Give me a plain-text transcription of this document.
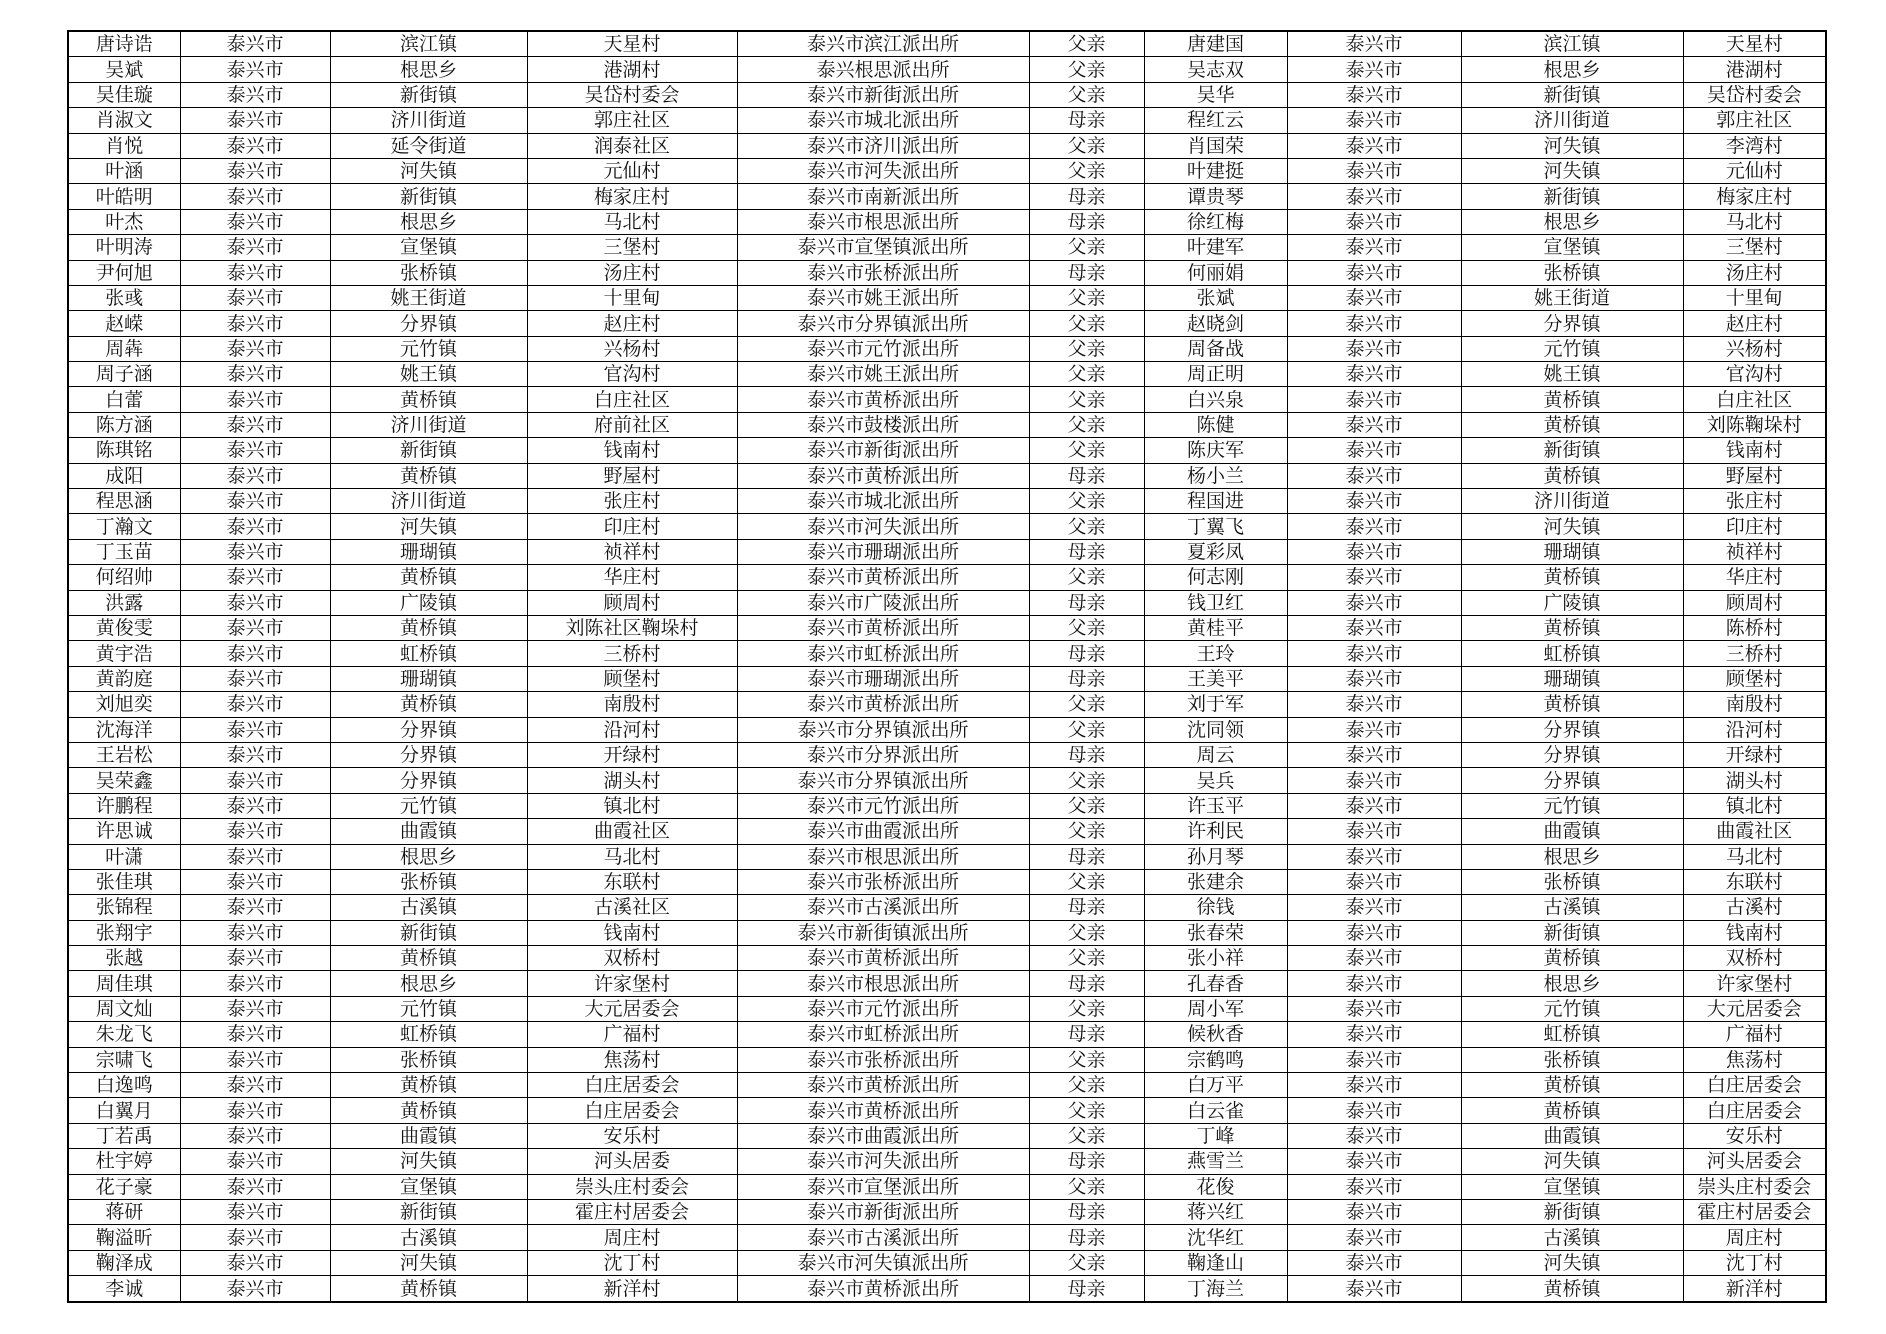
唐诗诰	泰兴市	滨江镇	天星村	泰兴市滨江派出所	父亲	唐建国	泰兴市	滨江镇	天星村
吴斌	泰兴市	根思乡	港湖村	泰兴根思派出所	父亲	吴志双	泰兴市	根思乡	港湖村
吴佳璇	泰兴市	新街镇	吴岱村委会	泰兴市新街派出所	父亲	吴华	泰兴市	新街镇	吴岱村委会
肖淑文	泰兴市	济川街道	郭庄社区	泰兴市城北派出所	母亲	程红云	泰兴市	济川街道	郭庄社区
肖悦	泰兴市	延令街道	润泰社区	泰兴市济川派出所	父亲	肖国荣	泰兴市	河失镇	李湾村
叶涵	泰兴市	河失镇	元仙村	泰兴市河失派出所	父亲	叶建挺	泰兴市	河失镇	元仙村
叶皓明	泰兴市	新街镇	梅家庄村	泰兴市南新派出所	母亲	谭贵琴	泰兴市	新街镇	梅家庄村
叶杰	泰兴市	根思乡	马北村	泰兴市根思派出所	母亲	徐红梅	泰兴市	根思乡	马北村
叶明涛	泰兴市	宣堡镇	三堡村	泰兴市宣堡镇派出所	父亲	叶建军	泰兴市	宣堡镇	三堡村
尹何旭	泰兴市	张桥镇	汤庄村	泰兴市张桥派出所	母亲	何丽娟	泰兴市	张桥镇	汤庄村
张彧	泰兴市	姚王街道	十里甸	泰兴市姚王派出所	父亲	张斌	泰兴市	姚王街道	十里甸
赵嵘	泰兴市	分界镇	赵庄村	泰兴市分界镇派出所	父亲	赵晓剑	泰兴市	分界镇	赵庄村
周犇	泰兴市	元竹镇	兴杨村	泰兴市元竹派出所	父亲	周备战	泰兴市	元竹镇	兴杨村
周子涵	泰兴市	姚王镇	官沟村	泰兴市姚王派出所	父亲	周正明	泰兴市	姚王镇	官沟村
白蕾	泰兴市	黄桥镇	白庄社区	泰兴市黄桥派出所	父亲	白兴泉	泰兴市	黄桥镇	白庄社区
陈方涵	泰兴市	济川街道	府前社区	泰兴市鼓楼派出所	父亲	陈健	泰兴市	黄桥镇	刘陈鞠垛村
陈琪铭	泰兴市	新街镇	钱南村	泰兴市新街派出所	父亲	陈庆军	泰兴市	新街镇	钱南村
成阳	泰兴市	黄桥镇	野屋村	泰兴市黄桥派出所	母亲	杨小兰	泰兴市	黄桥镇	野屋村
程思涵	泰兴市	济川街道	张庄村	泰兴市城北派出所	父亲	程国进	泰兴市	济川街道	张庄村
丁瀚文	泰兴市	河失镇	印庄村	泰兴市河失派出所	父亲	丁翼飞	泰兴市	河失镇	印庄村
丁玉苗	泰兴市	珊瑚镇	祯祥村	泰兴市珊瑚派出所	母亲	夏彩凤	泰兴市	珊瑚镇	祯祥村
何绍帅	泰兴市	黄桥镇	华庄村	泰兴市黄桥派出所	父亲	何志刚	泰兴市	黄桥镇	华庄村
洪露	泰兴市	广陵镇	顾周村	泰兴市广陵派出所	母亲	钱卫红	泰兴市	广陵镇	顾周村
黄俊雯	泰兴市	黄桥镇	刘陈社区鞠垛村	泰兴市黄桥派出所	父亲	黄桂平	泰兴市	黄桥镇	陈桥村
黄宇浩	泰兴市	虹桥镇	三桥村	泰兴市虹桥派出所	母亲	王玲	泰兴市	虹桥镇	三桥村
黄韵庭	泰兴市	珊瑚镇	顾堡村	泰兴市珊瑚派出所	母亲	王美平	泰兴市	珊瑚镇	顾堡村
刘旭奕	泰兴市	黄桥镇	南殷村	泰兴市黄桥派出所	父亲	刘于军	泰兴市	黄桥镇	南殷村
沈海洋	泰兴市	分界镇	沿河村	泰兴市分界镇派出所	父亲	沈同领	泰兴市	分界镇	沿河村
王岩松	泰兴市	分界镇	开绿村	泰兴市分界派出所	母亲	周云	泰兴市	分界镇	开绿村
吴荣鑫	泰兴市	分界镇	湖头村	泰兴市分界镇派出所	父亲	吴兵	泰兴市	分界镇	湖头村
许鹏程	泰兴市	元竹镇	镇北村	泰兴市元竹派出所	父亲	许玉平	泰兴市	元竹镇	镇北村
许思诚	泰兴市	曲霞镇	曲霞社区	泰兴市曲霞派出所	父亲	许利民	泰兴市	曲霞镇	曲霞社区
叶潇	泰兴市	根思乡	马北村	泰兴市根思派出所	母亲	孙月琴	泰兴市	根思乡	马北村
张佳琪	泰兴市	张桥镇	东联村	泰兴市张桥派出所	父亲	张建余	泰兴市	张桥镇	东联村
张锦程	泰兴市	古溪镇	古溪社区	泰兴市古溪派出所	母亲	徐钱	泰兴市	古溪镇	古溪村
张翔宇	泰兴市	新街镇	钱南村	泰兴市新街镇派出所	父亲	张春荣	泰兴市	新街镇	钱南村
张越	泰兴市	黄桥镇	双桥村	泰兴市黄桥派出所	父亲	张小祥	泰兴市	黄桥镇	双桥村
周佳琪	泰兴市	根思乡	许家堡村	泰兴市根思派出所	母亲	孔春香	泰兴市	根思乡	许家堡村
周文灿	泰兴市	元竹镇	大元居委会	泰兴市元竹派出所	父亲	周小军	泰兴市	元竹镇	大元居委会
朱龙飞	泰兴市	虹桥镇	广福村	泰兴市虹桥派出所	母亲	候秋香	泰兴市	虹桥镇	广福村
宗啸飞	泰兴市	张桥镇	焦荡村	泰兴市张桥派出所	父亲	宗鹤鸣	泰兴市	张桥镇	焦荡村
白逸鸣	泰兴市	黄桥镇	白庄居委会	泰兴市黄桥派出所	父亲	白万平	泰兴市	黄桥镇	白庄居委会
白翼月	泰兴市	黄桥镇	白庄居委会	泰兴市黄桥派出所	父亲	白云雀	泰兴市	黄桥镇	白庄居委会
丁若禹	泰兴市	曲霞镇	安乐村	泰兴市曲霞派出所	父亲	丁峰	泰兴市	曲霞镇	安乐村
杜宇婷	泰兴市	河失镇	河头居委	泰兴市河失派出所	母亲	燕雪兰	泰兴市	河失镇	河头居委会
花子豪	泰兴市	宣堡镇	崇头庄村委会	泰兴市宣堡派出所	父亲	花俊	泰兴市	宣堡镇	崇头庄村委会
蒋研	泰兴市	新街镇	霍庄村居委会	泰兴市新街派出所	母亲	蒋兴红	泰兴市	新街镇	霍庄村居委会
鞠溢昕	泰兴市	古溪镇	周庄村	泰兴市古溪派出所	母亲	沈华红	泰兴市	古溪镇	周庄村
鞠泽成	泰兴市	河失镇	沈丁村	泰兴市河失镇派出所	父亲	鞠逢山	泰兴市	河失镇	沈丁村
李诚	泰兴市	黄桥镇	新洋村	泰兴市黄桥派出所	母亲	丁海兰	泰兴市	黄桥镇	新洋村
